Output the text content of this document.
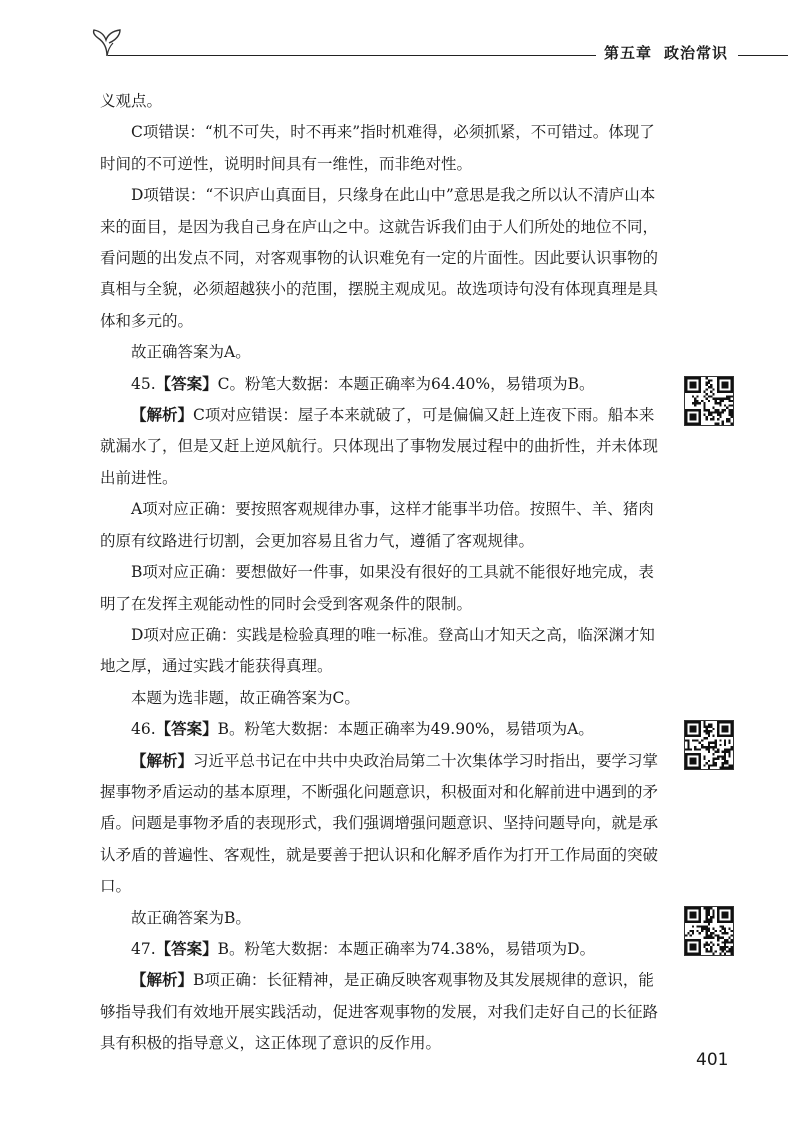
第五章 政治常识

义观点。

C项错误：“机不可失，时不再来”指时机难得，必须抓紧，不可错过。体现了时间的不可逆性，说明时间具有一维性，而非绝对性。

D项错误：“不识庐山真面目，只缘身在此山中”意思是我之所以认不清庐山本来的面目，是因为我自己身在庐山之中。这就告诉我们由于人们所处的地位不同，看问题的出发点不同，对客观事物的认识难免有一定的片面性。因此要认识事物的真相与全貌，必须超越狭小的范围，摆脱主观成见。故选项诗句没有体现真理是具体和多元的。

故正确答案为A。

45.【答案】C。粉笔大数据：本题正确率为64.40%，易错项为B。

【解析】C项对应错误：屋子本来就破了，可是偏偏又赶上连夜下雨。船本来就漏水了，但是又赶上逆风航行。只体现出了事物发展过程中的曲折性，并未体现出前进性。

A项对应正确：要按照客观规律办事，这样才能事半功倍。按照牛、羊、猪肉的原有纹路进行切割，会更加容易且省力气，遵循了客观规律。

B项对应正确：要想做好一件事，如果没有很好的工具就不能很好地完成，表明了在发挥主观能动性的同时会受到客观条件的限制。

D项对应正确：实践是检验真理的唯一标准。登高山才知天之高，临深渊才知地之厚，通过实践才能获得真理。

本题为选非题，故正确答案为C。

46.【答案】B。粉笔大数据：本题正确率为49.90%，易错项为A。

【解析】习近平总书记在中共中央政治局第二十次集体学习时指出，要学习掌握事物矛盾运动的基本原理，不断强化问题意识，积极面对和化解前进中遇到的矛盾。问题是事物矛盾的表现形式，我们强调增强问题意识、坚持问题导向，就是承认矛盾的普遍性、客观性，就是要善于把认识和化解矛盾作为打开工作局面的突破口。

故正确答案为B。

47.【答案】B。粉笔大数据：本题正确率为74.38%，易错项为D。

【解析】B项正确：长征精神，是正确反映客观事物及其发展规律的意识，能够指导我们有效地开展实践活动，促进客观事物的发展，对我们走好自己的长征路具有积极的指导意义，这正体现了意识的反作用。

401
